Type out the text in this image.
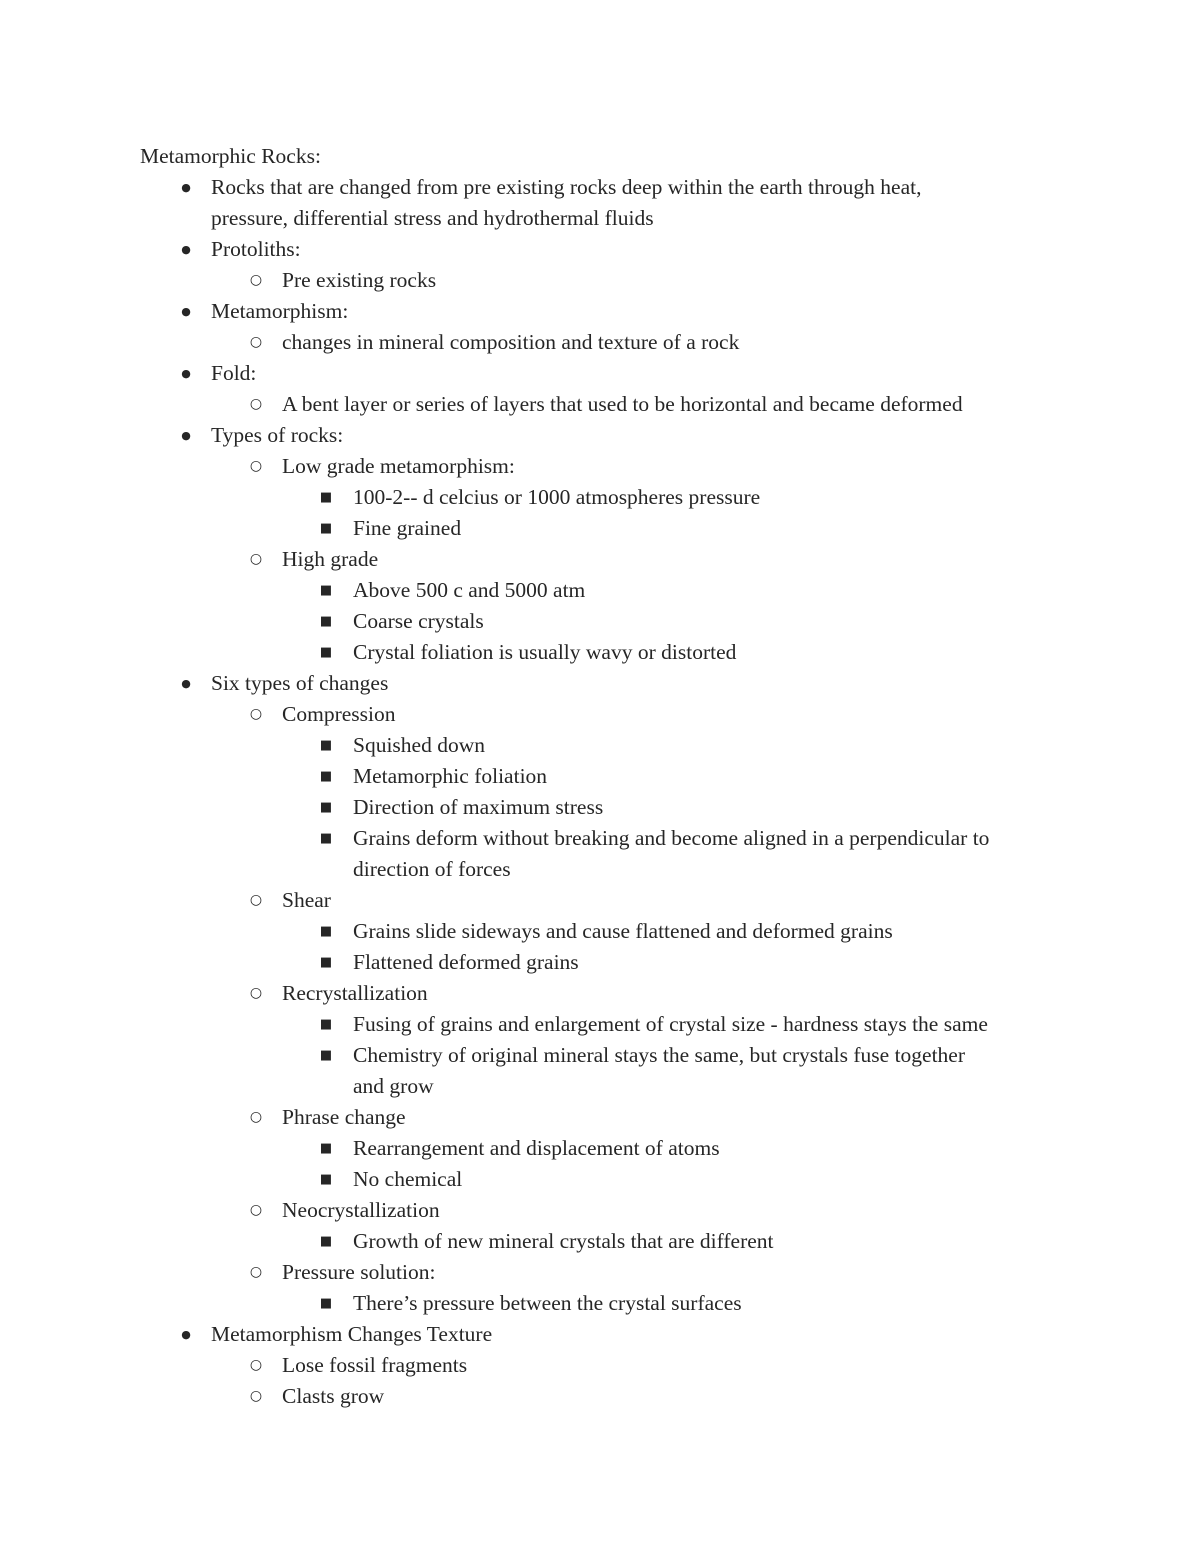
Metamorphic Rocks:
● Rocks that are changed from pre existing rocks deep within the earth through heat,
pressure, differential stress and hydrothermal fluids
● Protoliths:
○ Pre existing rocks
● Metamorphism:
○ changes in mineral composition and texture of a rock
● Fold:
○ A bent layer or series of layers that used to be horizontal and became deformed
● Types of rocks:
○ Low grade metamorphism:
■ 100-2-- d celcius or 1000 atmospheres pressure
■ Fine grained
○ High grade
■ Above 500 c and 5000 atm
■ Coarse crystals
■ Crystal foliation is usually wavy or distorted
● Six types of changes
○ Compression
■ Squished down
■ Metamorphic foliation
■ Direction of maximum stress
■ Grains deform without breaking and become aligned in a perpendicular to
direction of forces
○ Shear
■ Grains slide sideways and cause flattened and deformed grains
■ Flattened deformed grains
○ Recrystallization
■ Fusing of grains and enlargement of crystal size - hardness stays the same
■ Chemistry of original mineral stays the same, but crystals fuse together
and grow
○ Phrase change
■ Rearrangement and displacement of atoms
■ No chemical
○ Neocrystallization
■ Growth of new mineral crystals that are different
○ Pressure solution:
■ There’s pressure between the crystal surfaces
● Metamorphism Changes Texture
○ Lose fossil fragments
○ Clasts grow
